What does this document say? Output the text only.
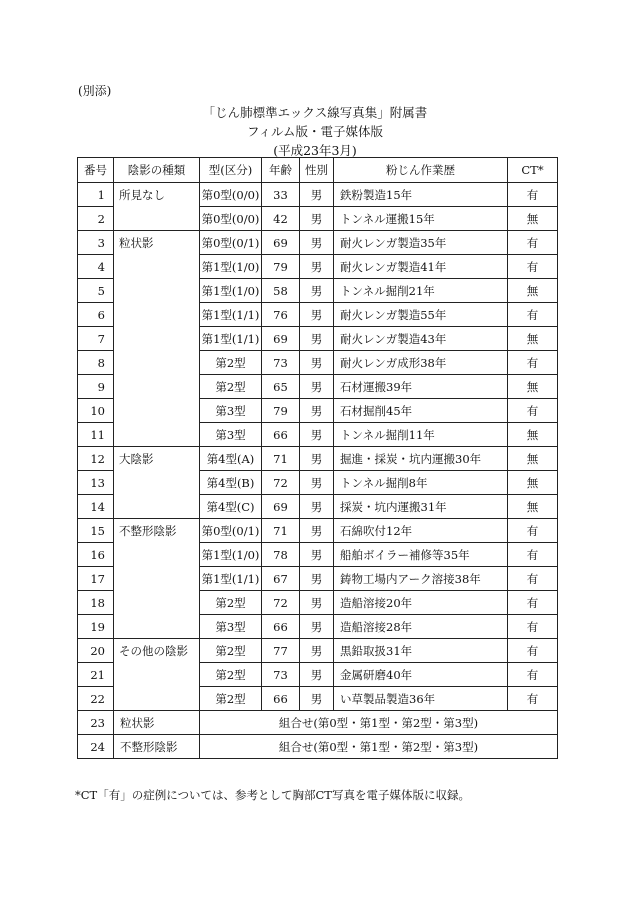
(別添)
「じん肺標準エックス線写真集」附属書
フィルム版・電子媒体版
(平成23年3月)
番号	陰影の種類	型(区分)	年齢	性別	粉じん作業歴	CT*
1	所見なし	第0型(0/0)	33	男	鉄粉製造15年	有
2		第0型(0/0)	42	男	トンネル運搬15年	無
3	粒状影	第0型(0/1)	69	男	耐火レンガ製造35年	有
4		第1型(1/0)	79	男	耐火レンガ製造41年	有
5		第1型(1/0)	58	男	トンネル掘削21年	無
6		第1型(1/1)	76	男	耐火レンガ製造55年	有
7		第1型(1/1)	69	男	耐火レンガ製造43年	無
8		第2型	73	男	耐火レンガ成形38年	有
9		第2型	65	男	石材運搬39年	無
10		第3型	79	男	石材掘削45年	有
11		第3型	66	男	トンネル掘削11年	無
12	大陰影	第4型(A)	71	男	掘進・採炭・坑内運搬30年	無
13		第4型(B)	72	男	トンネル掘削8年	無
14		第4型(C)	69	男	採炭・坑内運搬31年	無
15	不整形陰影	第0型(0/1)	71	男	石綿吹付12年	有
16		第1型(1/0)	78	男	船舶ボイラー補修等35年	有
17		第1型(1/1)	67	男	鋳物工場内アーク溶接38年	有
18		第2型	72	男	造船溶接20年	有
19		第3型	66	男	造船溶接28年	有
20	その他の陰影	第2型	77	男	黒鉛取扱31年	有
21		第2型	73	男	金属研磨40年	有
22		第2型	66	男	い草製品製造36年	有
23	粒状影	組合せ(第0型・第1型・第2型・第3型)				
24	不整形陰影	組合せ(第0型・第1型・第2型・第3型)				
*CT「有」の症例については、参考として胸部CT写真を電子媒体版に収録。
